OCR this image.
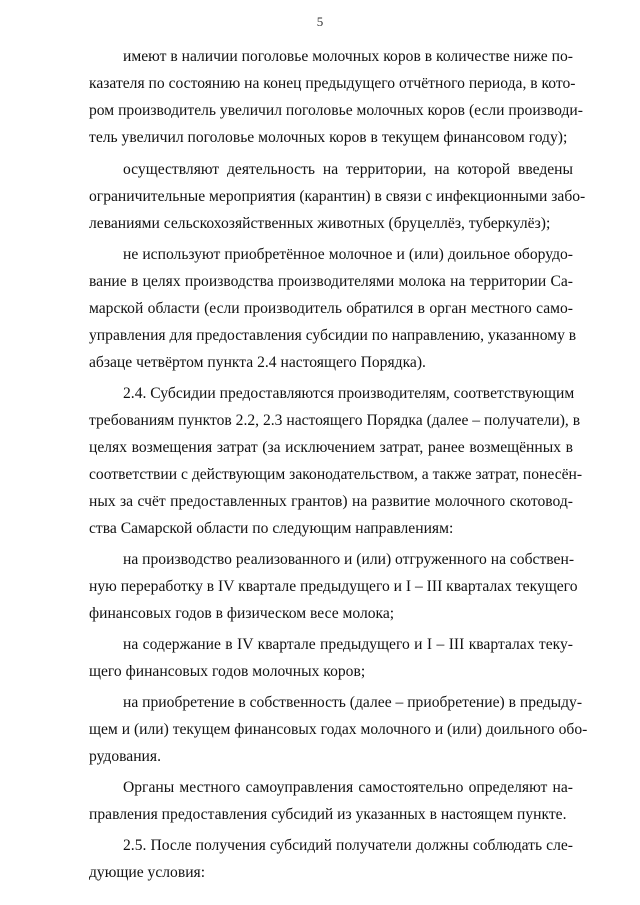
5
имеют в наличии поголовье молочных коров в количестве ниже по-
казателя по состоянию на конец предыдущего отчётного периода, в кото-
ром производитель увеличил поголовье молочных коров (если производи-
тель увеличил поголовье молочных коров в текущем финансовом году);
осуществляют деятельность на территории, на которой введены
ограничительные мероприятия (карантин) в связи с инфекционными забо-
леваниями сельскохозяйственных животных (бруцеллёз, туберкулёз);
не используют приобретённое молочное и (или) доильное оборудо-
вание в целях производства производителями молока на территории Са-
марской области (если производитель обратился в орган местного само-
управления для предоставления субсидии по направлению, указанному в
абзаце четвёртом пункта 2.4 настоящего Порядка).
2.4. Субсидии предоставляются производителям, соответствующим
требованиям пунктов 2.2, 2.3 настоящего Порядка (далее – получатели), в
целях возмещения затрат (за исключением затрат, ранее возмещённых в
соответствии с действующим законодательством, а также затрат, понесён-
ных за счёт предоставленных грантов) на развитие молочного скотовод-
ства Самарской области по следующим направлениям:
на производство реализованного и (или) отгруженного на собствен-
ную переработку в IV квартале предыдущего и I – III кварталах текущего
финансовых годов в физическом весе молока;
на содержание в IV квартале предыдущего и I – III кварталах теку-
щего финансовых годов молочных коров;
на приобретение в собственность (далее – приобретение) в предыду-
щем и (или) текущем финансовых годах молочного и (или) доильного обо-
рудования.
Органы местного самоуправления самостоятельно определяют на-
правления предоставления субсидий из указанных в настоящем пункте.
2.5. После получения субсидий получатели должны соблюдать сле-
дующие условия:
